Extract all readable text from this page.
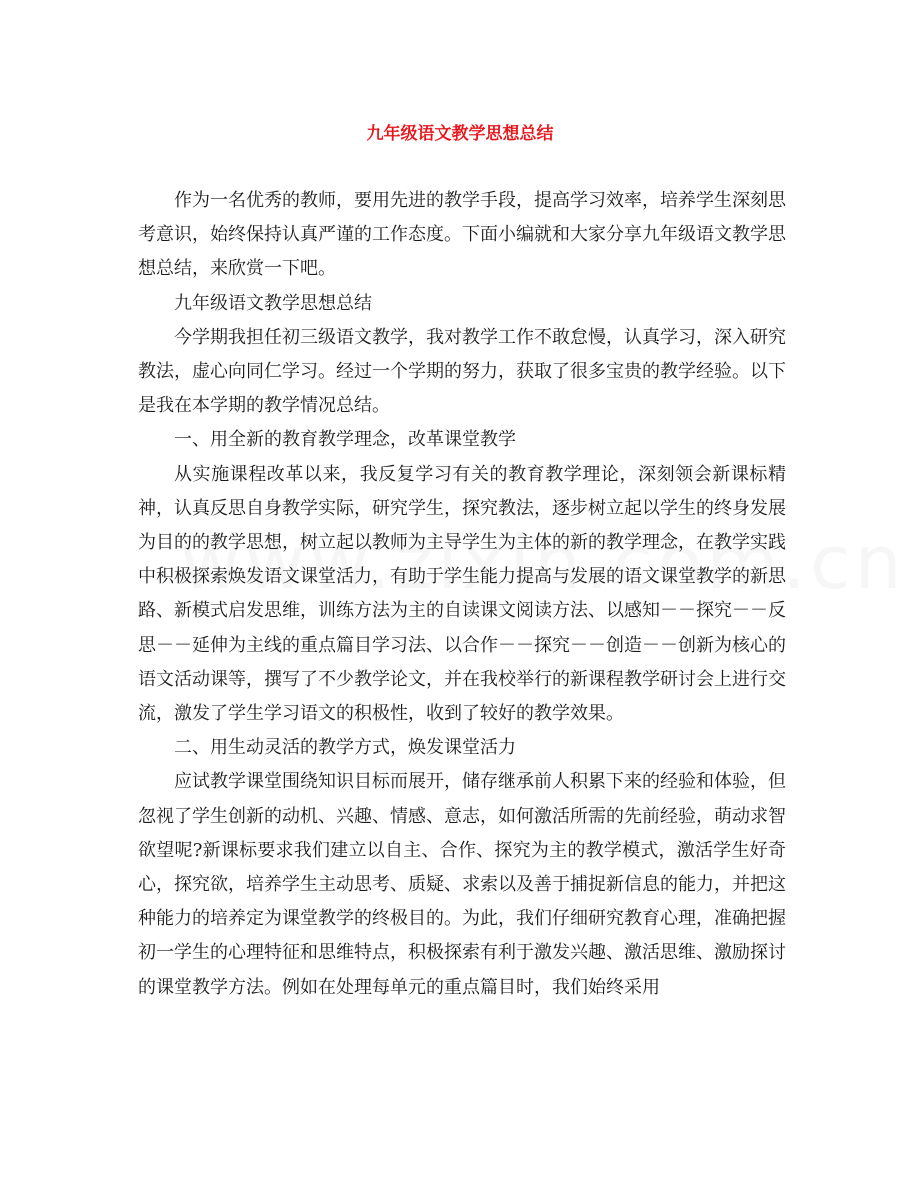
九年级语文教学思想总结

作为一名优秀的教师，要用先进的教学手段，提高学习效率，培养学生深刻思考意识，始终保持认真严谨的工作态度。下面小编就和大家分享九年级语文教学思想总结，来欣赏一下吧。

九年级语文教学思想总结

今学期我担任初三级语文教学，我对教学工作不敢怠慢，认真学习，深入研究教法，虚心向同仁学习。经过一个学期的努力，获取了很多宝贵的教学经验。以下是我在本学期的教学情况总结。

一、用全新的教育教学理念，改革课堂教学

从实施课程改革以来，我反复学习有关的教育教学理论，深刻领会新课标精神，认真反思自身教学实际，研究学生，探究教法，逐步树立起以学生的终身发展为目的的教学思想，树立起以教师为主导学生为主体的新的教学理念，在教学实践中积极探索焕发语文课堂活力，有助于学生能力提高与发展的语文课堂教学的新思路、新模式启发思维，训练方法为主的自读课文阅读方法、以感知－－探究－－反思－－延伸为主线的重点篇目学习法、以合作－－探究－－创造－－创新为核心的语文活动课等，撰写了不少教学论文，并在我校举行的新课程教学研讨会上进行交流，激发了学生学习语文的积极性，收到了较好的教学效果。

二、用生动灵活的教学方式，焕发课堂活力

应试教学课堂围绕知识目标而展开，储存继承前人积累下来的经验和体验，但忽视了学生创新的动机、兴趣、情感、意志，如何激活所需的先前经验，萌动求智欲望呢?新课标要求我们建立以自主、合作、探究为主的教学模式，激活学生好奇心，探究欲，培养学生主动思考、质疑、求索以及善于捕捉新信息的能力，并把这种能力的培养定为课堂教学的终极目的。为此，我们仔细研究教育心理，准确把握初一学生的心理特征和思维特点，积极探索有利于激发兴趣、激活思维、激励探讨的课堂教学方法。例如在处理每单元的重点篇目时，我们始终采用
